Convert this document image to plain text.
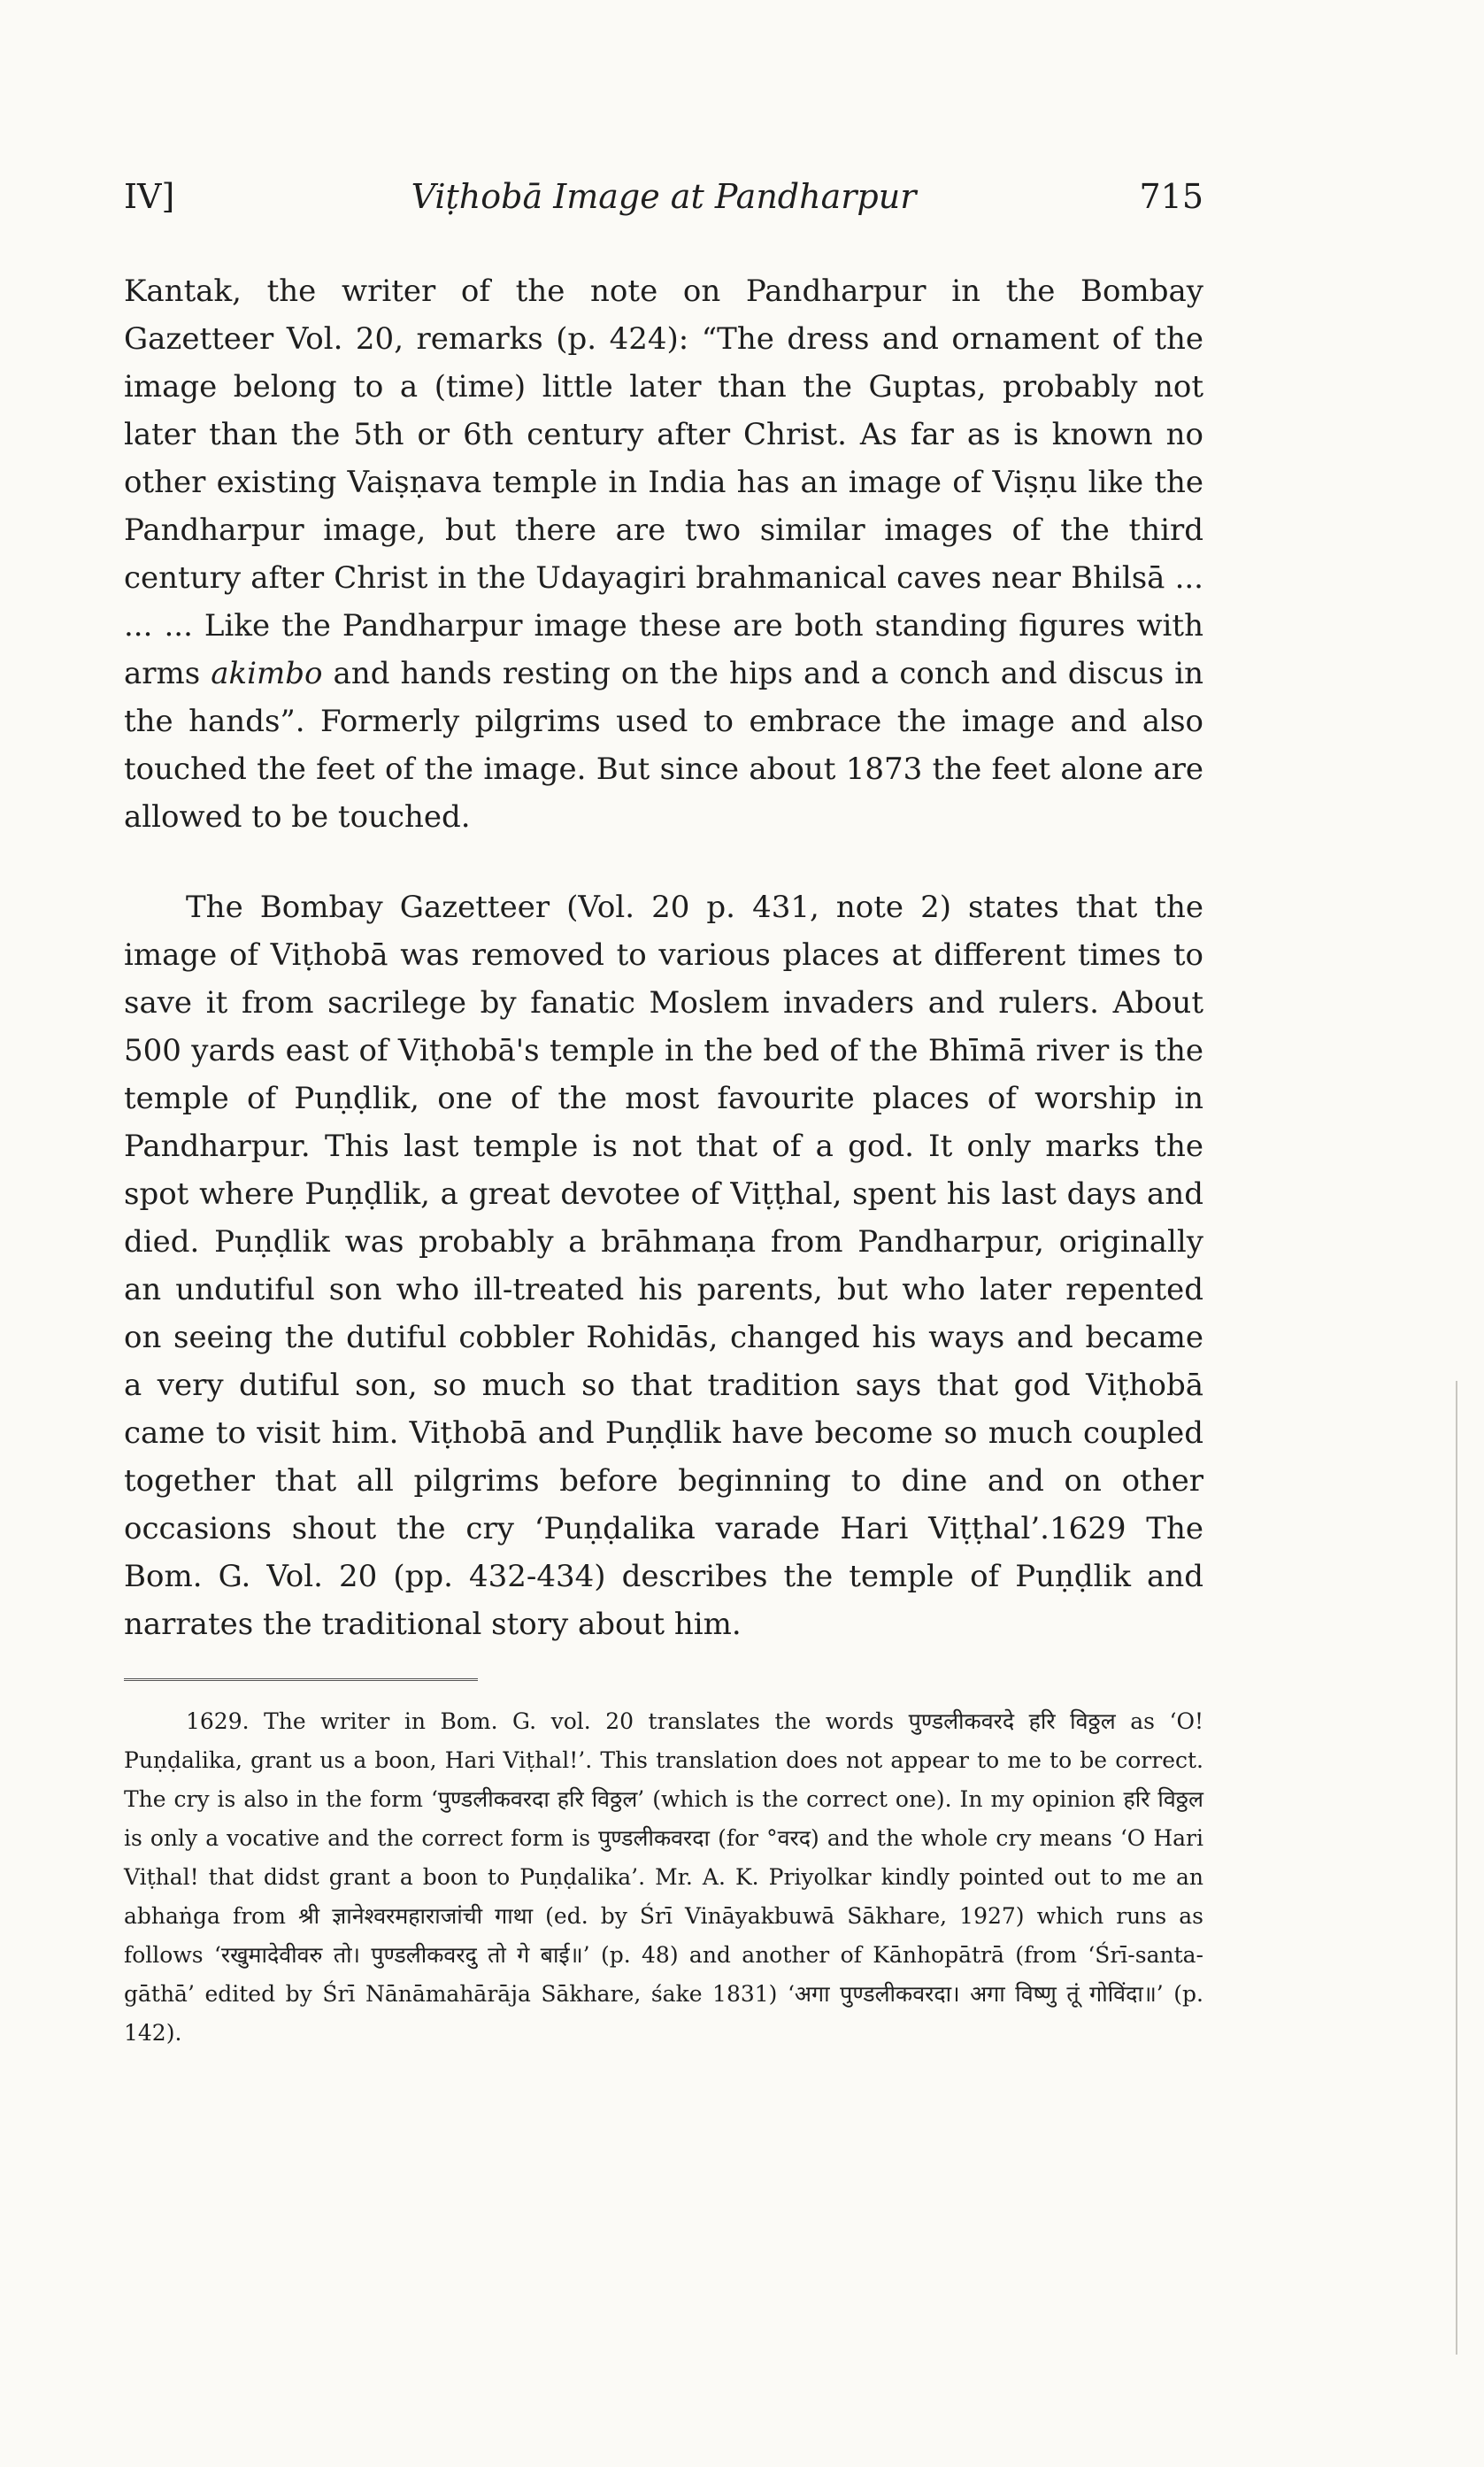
IV]	Viṭhobā Image at Pandharpur	715

Kantak, the writer of the note on Pandharpur in the Bombay Gazetteer Vol. 20, remarks (p. 424): “The dress and ornament of the image belong to a (time) little later than the Guptas, probably not later than the 5th or 6th century after Christ. As far as is known no other existing Vaiṣṇava temple in India has an image of Viṣṇu like the Pandharpur image, but there are two similar images of the third century after Christ in the Udayagiri brahmanical caves near Bhilsā ... ... ... Like the Pandharpur image these are both standing figures with arms akimbo and hands resting on the hips and a conch and discus in the hands”. Formerly pilgrims used to embrace the image and also touched the feet of the image. But since about 1873 the feet alone are allowed to be touched.

The Bombay Gazetteer (Vol. 20 p. 431, note 2) states that the image of Viṭhobā was removed to various places at different times to save it from sacrilege by fanatic Moslem invaders and rulers. About 500 yards east of Viṭhobā's temple in the bed of the Bhīmā river is the temple of Puṇḍlik, one of the most favourite places of worship in Pandharpur. This last temple is not that of a god. It only marks the spot where Puṇḍlik, a great devotee of Viṭṭhal, spent his last days and died. Puṇḍlik was probably a brāhmaṇa from Pandharpur, originally an undutiful son who ill-treated his parents, but who later repented on seeing the dutiful cobbler Rohidās, changed his ways and became a very dutiful son, so much so that tradition says that god Viṭhobā came to visit him. Viṭhobā and Puṇḍlik have become so much coupled together that all pilgrims before beginning to dine and on other occasions shout the cry ‘Puṇḍalika varade Hari Viṭṭhal’.1629 The Bom. G. Vol. 20 (pp. 432-434) describes the temple of Puṇḍlik and narrates the traditional story about him.

1629. The writer in Bom. G. vol. 20 translates the words पुण्डलीकवरदे हरि विठ्ठल as ‘O! Puṇḍalika, grant us a boon, Hari Viṭhal!’. This translation does not appear to me to be correct. The cry is also in the form ‘पुण्डलीकवरदा हरि विठ्ठल’ (which is the correct one). In my opinion हरि विठ्ठल is only a vocative and the correct form is पुण्डलीकवरदा (for °वरद) and the whole cry means ‘O Hari Viṭhal! that didst grant a boon to Puṇḍalika’. Mr. A. K. Priyolkar kindly pointed out to me an abhaṅga from श्री ज्ञानेश्वरमहाराजांची गाथा (ed. by Śrī Vināyakbuwā Sākhare, 1927) which runs as follows ‘रखुमादेवीवरु तो। पुण्डलीकवरदु तो गे बाई॥’ (p. 48) and another of Kānhopātrā (from ‘Śrī-santa-gāthā’ edited by Śrī Nānāmahārāja Sākhare, śake 1831) ‘अगा पुण्डलीकवरदा। अगा विष्णु तूं गोविंदा॥’ (p. 142).
